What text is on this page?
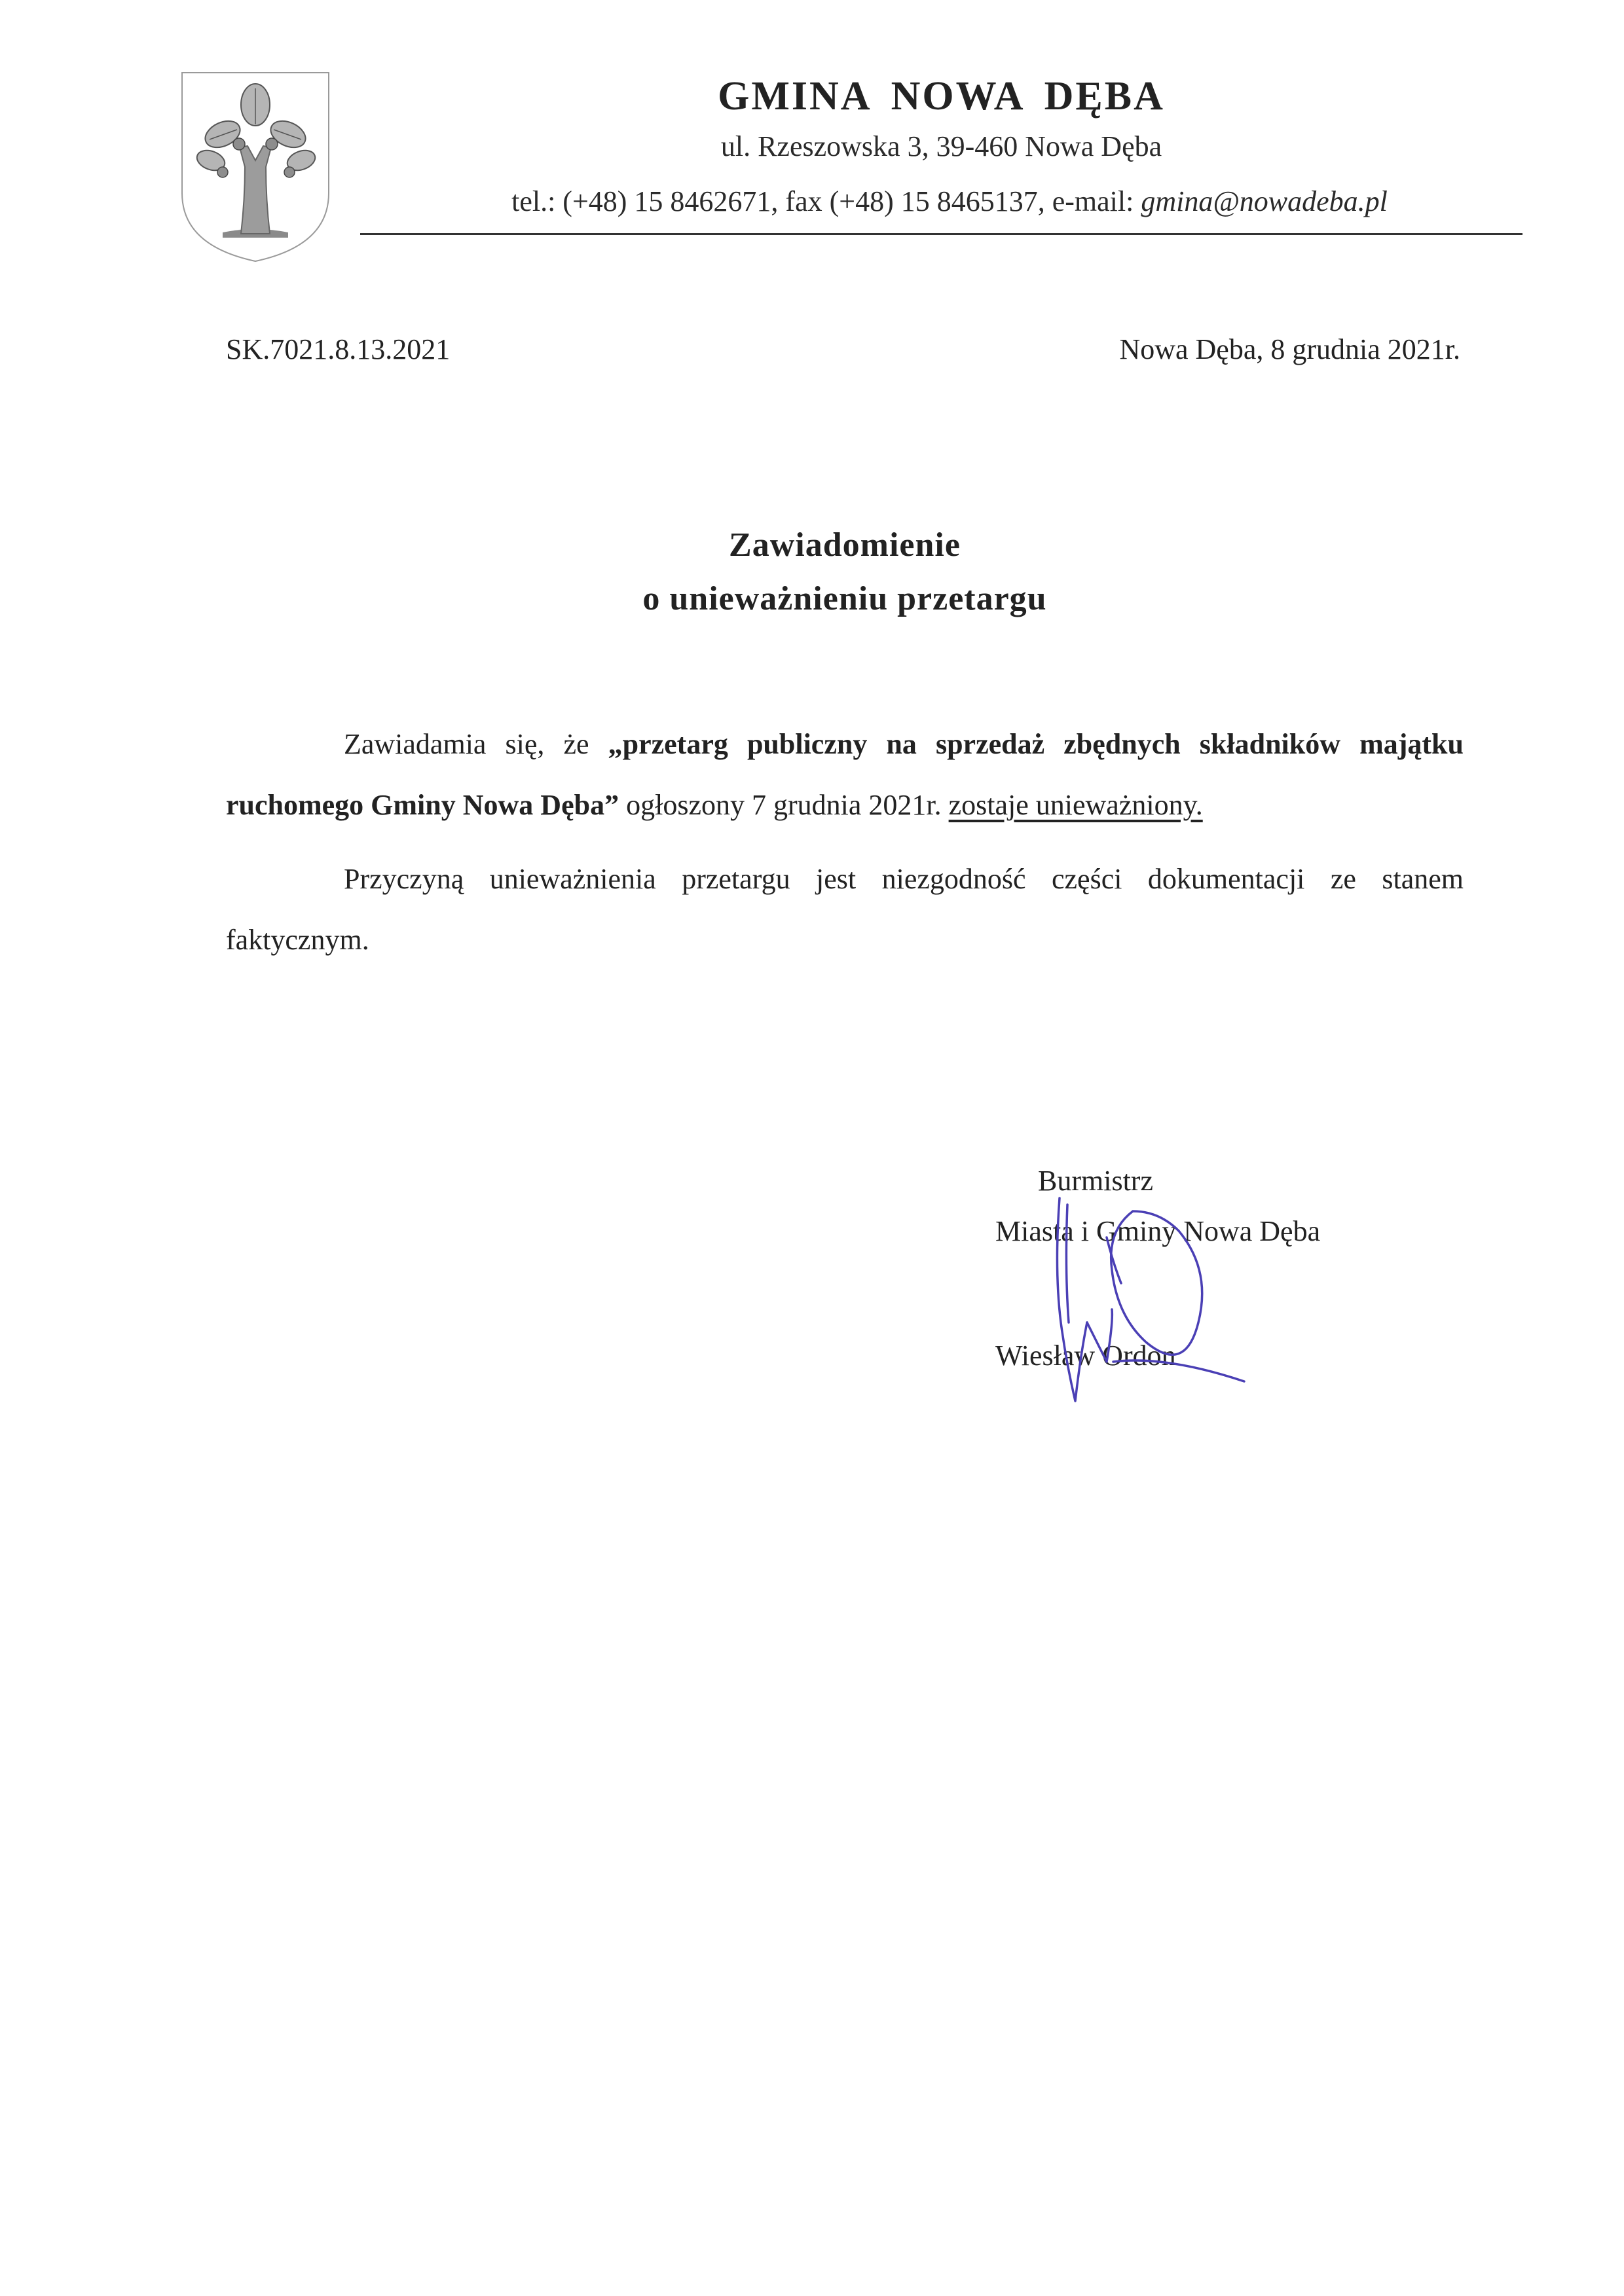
GMINA NOWA DĘBA
ul. Rzeszowska 3, 39-460 Nowa Dęba
tel.: (+48) 15 8462671, fax (+48) 15 8465137, e-mail: gmina@nowadeba.pl
SK.7021.8.13.2021	Nowa Dęba, 8 grudnia 2021r.
Zawiadomienie
o unieważnieniu przetargu

Zawiadamia się, że „przetarg publiczny na sprzedaż zbędnych składników majątku ruchomego Gminy Nowa Dęba” ogłoszony 7 grudnia 2021r. zostaje unieważniony.

Przyczyną unieważnienia przetargu jest niezgodność części dokumentacji ze stanem faktycznym.

Burmistrz
Miasta i Gminy Nowa Dęba
Wiesław Ordon
